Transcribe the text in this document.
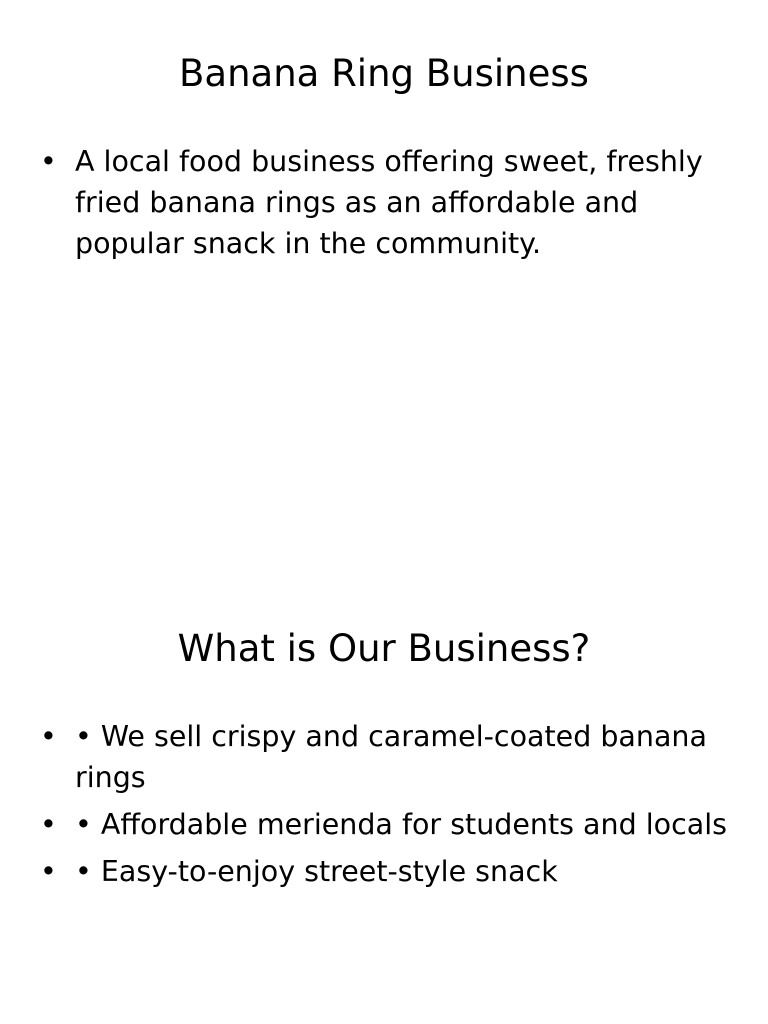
Banana Ring Business
• A local food business offering sweet, freshly fried banana rings as an affordable and popular snack in the community.
What is Our Business?
• • We sell crispy and caramel-coated banana rings
• • Affordable merienda for students and locals
• • Easy-to-enjoy street-style snack
